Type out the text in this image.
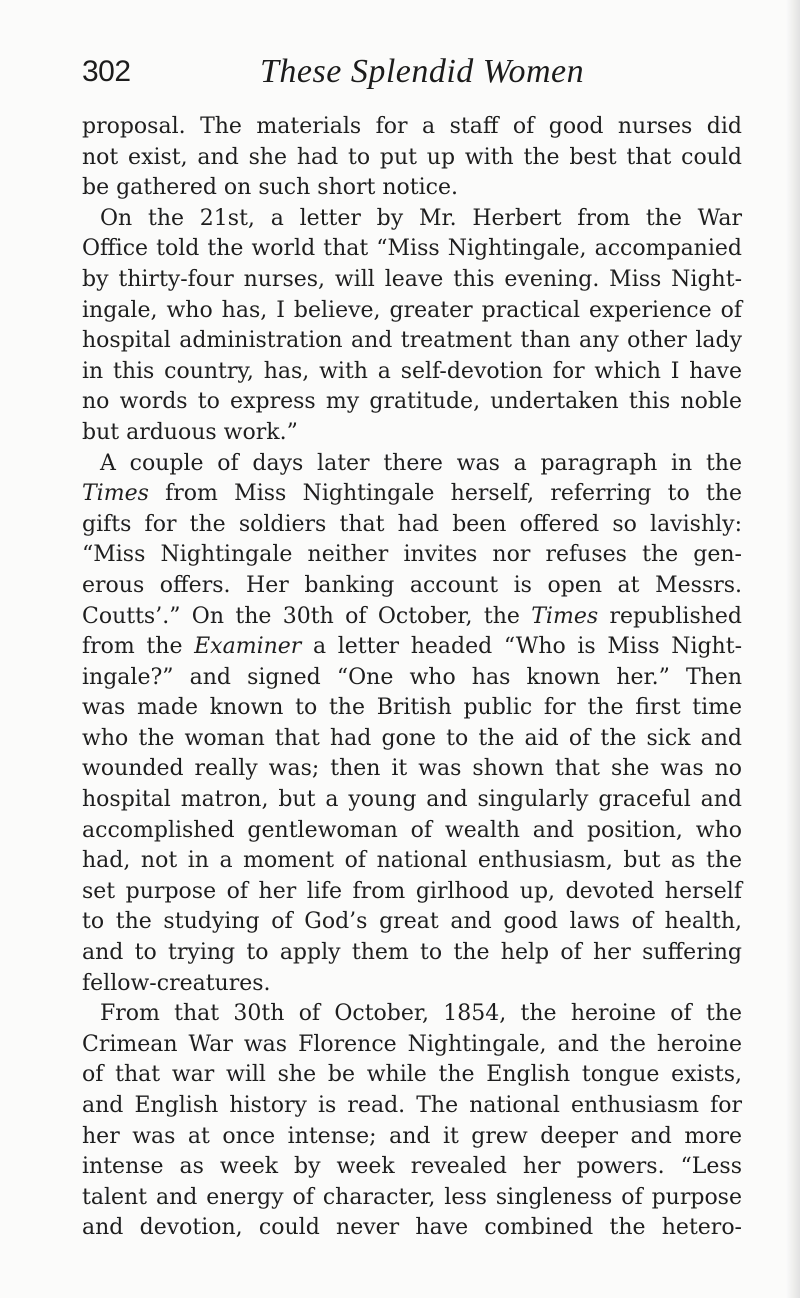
302	These Splendid Women
proposal. The materials for a staff of good nurses did
not exist, and she had to put up with the best that could
be gathered on such short notice.
On the 21st, a letter by Mr. Herbert from the War
Office told the world that “Miss Nightingale, accompanied
by thirty-four nurses, will leave this evening. Miss Night-
ingale, who has, I believe, greater practical experience of
hospital administration and treatment than any other lady
in this country, has, with a self-devotion for which I have
no words to express my gratitude, undertaken this noble
but arduous work.”
A couple of days later there was a paragraph in the
Times from Miss Nightingale herself, referring to the
gifts for the soldiers that had been offered so lavishly:
“Miss Nightingale neither invites nor refuses the gen-
erous offers. Her banking account is open at Messrs.
Coutts’.” On the 30th of October, the Times republished
from the Examiner a letter headed “Who is Miss Night-
ingale?” and signed “One who has known her.” Then
was made known to the British public for the first time
who the woman that had gone to the aid of the sick and
wounded really was; then it was shown that she was no
hospital matron, but a young and singularly graceful and
accomplished gentlewoman of wealth and position, who
had, not in a moment of national enthusiasm, but as the
set purpose of her life from girlhood up, devoted herself
to the studying of God’s great and good laws of health,
and to trying to apply them to the help of her suffering
fellow-creatures.
From that 30th of October, 1854, the heroine of the
Crimean War was Florence Nightingale, and the heroine
of that war will she be while the English tongue exists,
and English history is read. The national enthusiasm for
her was at once intense; and it grew deeper and more
intense as week by week revealed her powers. “Less
talent and energy of character, less singleness of purpose
and devotion, could never have combined the hetero-
